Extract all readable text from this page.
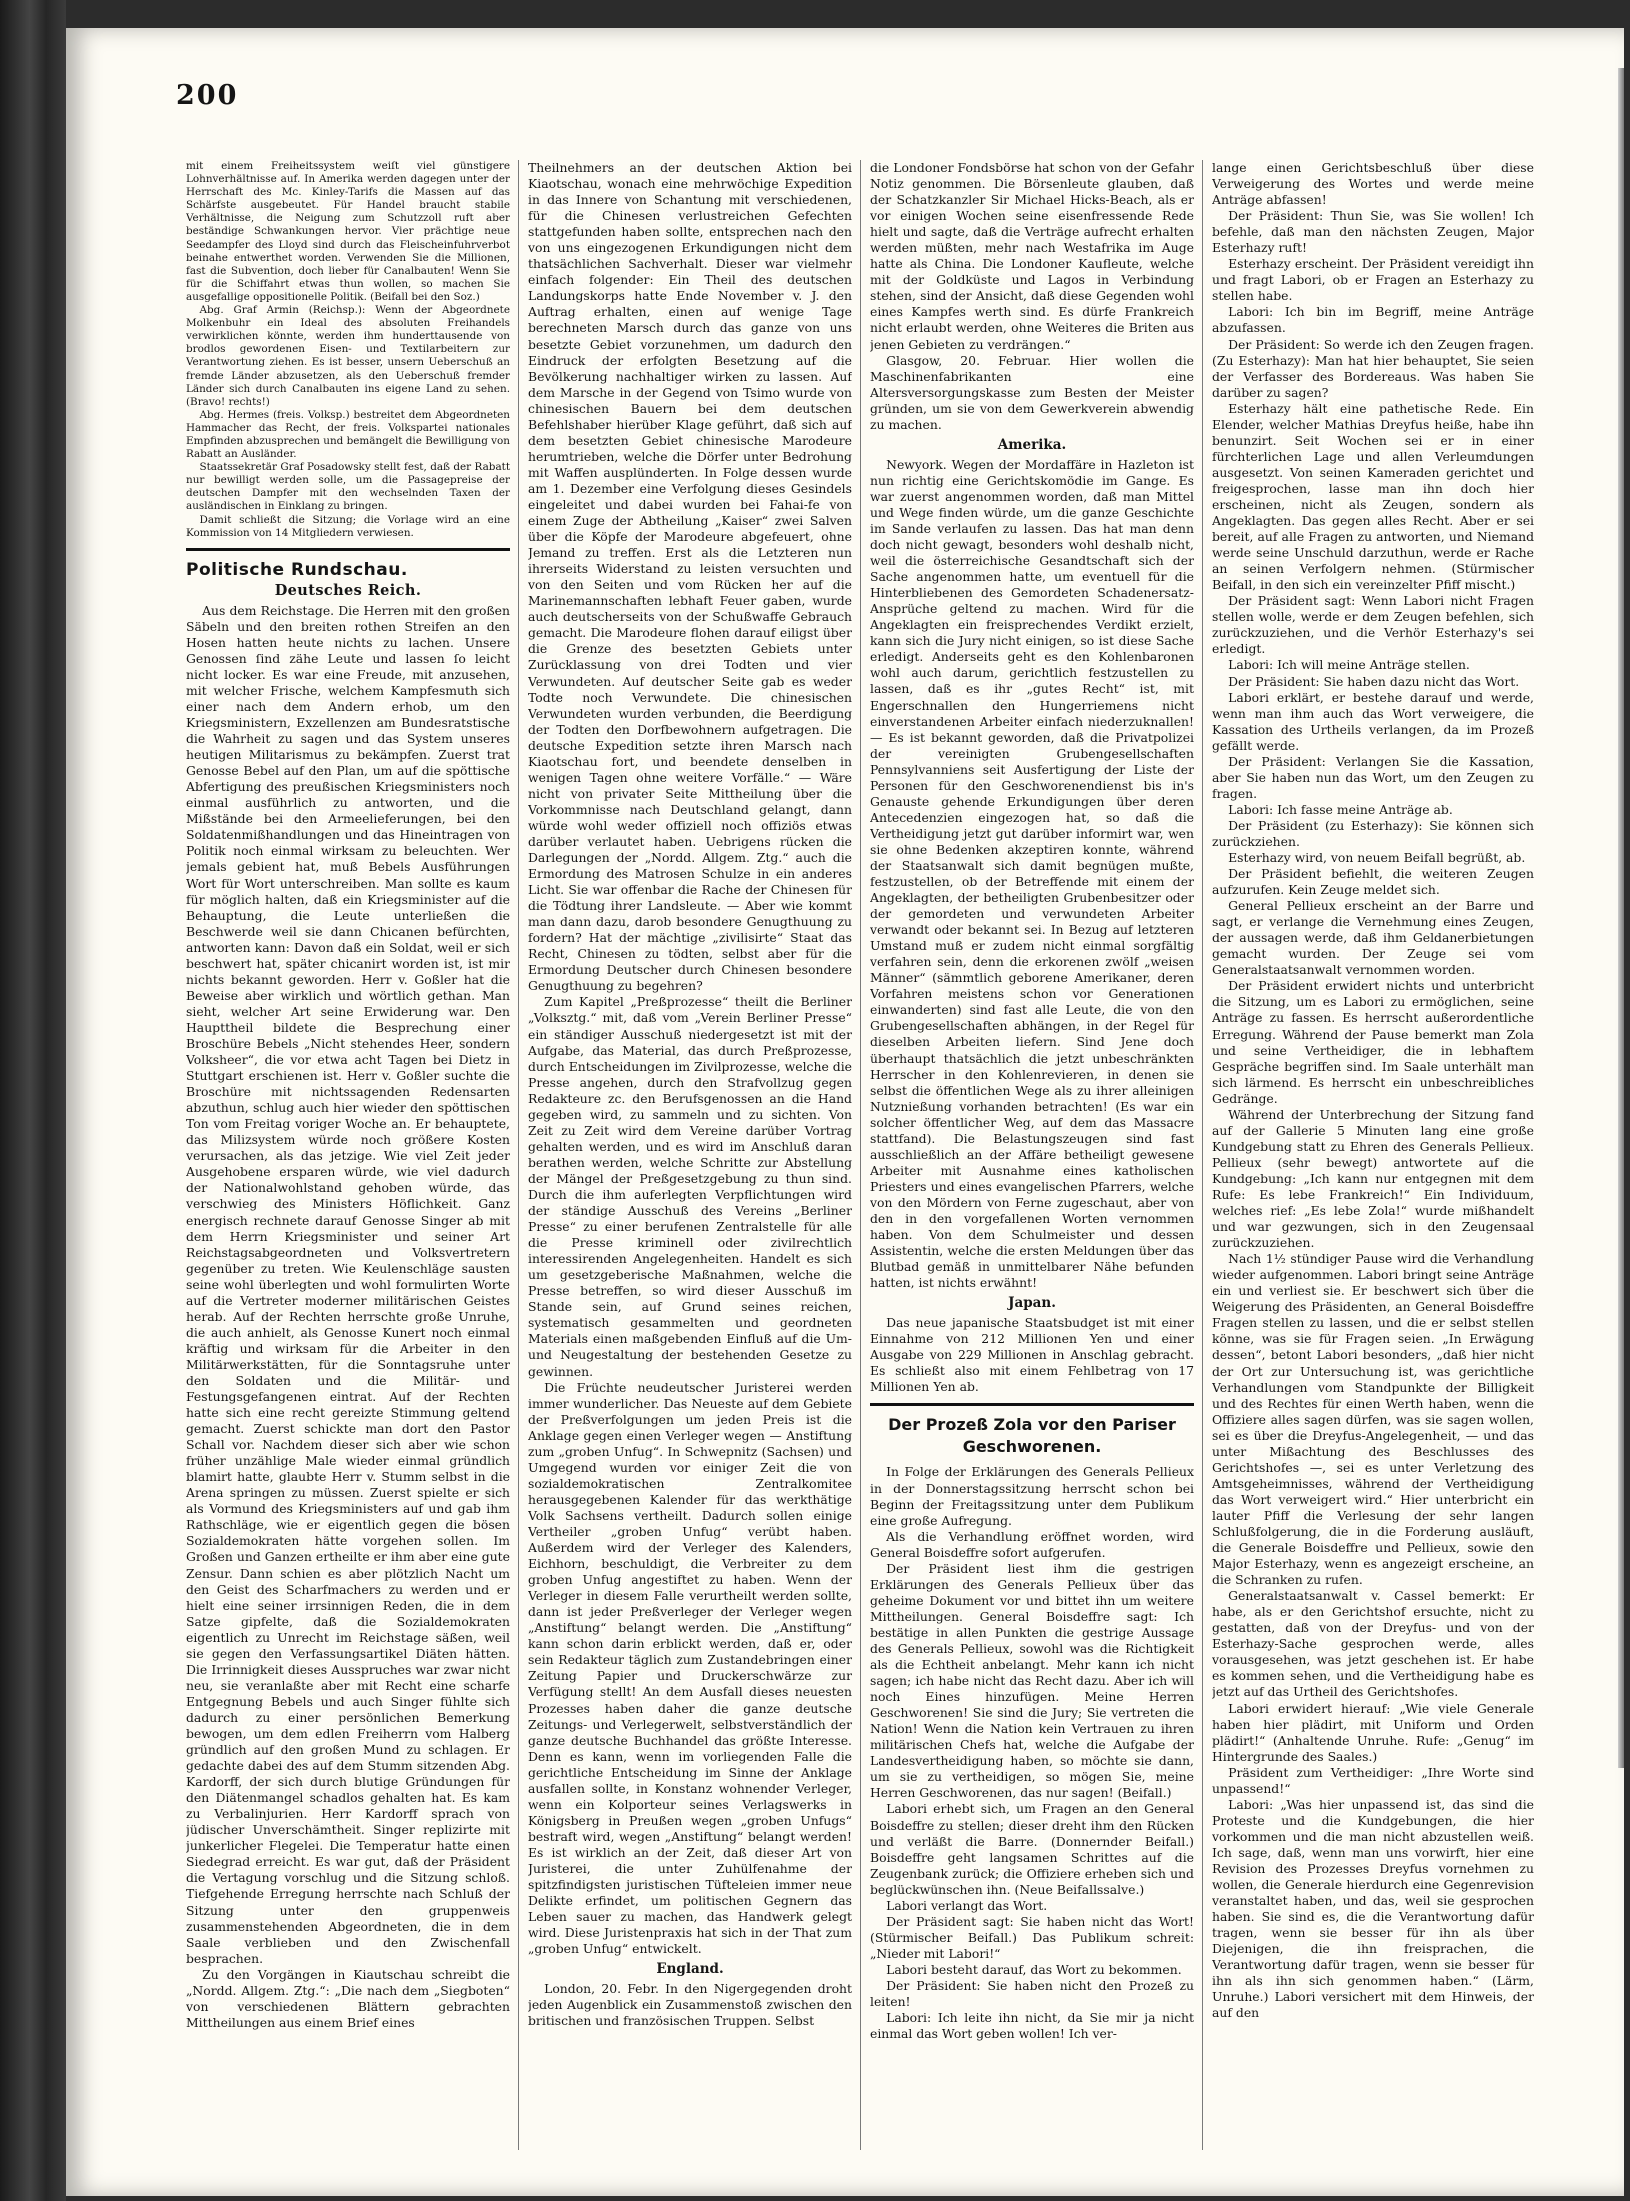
200

mit einem Freiheitssystem weiſt viel günstigere Lohnverhältnisse auf. In Amerika werden dagegen unter der Herrschaft des Mc. Kinley-Tarifs die Massen auf das Schärfste ausgebeutet. Für Handel braucht stabile Verhältnisse, die Neigung zum Schutzzoll ruft aber beständige Schwankungen hervor. Vier prächtige neue Seedampfer des Lloyd sind durch das Fleischeinfuhrverbot beinahe entwerthet worden. Verwenden Sie die Millionen, fast die Subvention, doch lieber für Canalbauten! Wenn Sie für die Schiffahrt etwas thun wollen, so machen Sie ausgefallige oppositionelle Politik. (Beifall bei den Soz.)

Abg. Graf Armin (Reichsp.): Wenn der Abgeordnete Molkenbuhr ein Ideal des absoluten Freihandels verwirklichen könnte, werden ihm hunderttausende von brodlos gewordenen Eisen- und Textilarbeitern zur Verantwortung ziehen. Es ist besser, unsern Ueberschuß an fremde Länder abzusetzen, als den Ueberschuß fremder Länder sich durch Canalbauten ins eigene Land zu sehen. (Bravo! rechts!)

Abg. Hermes (freis. Volksp.) bestreitet dem Abgeordneten Hammacher das Recht, der freis. Volkspartei nationales Empfinden abzusprechen und bemängelt die Bewilligung von Rabatt an Ausländer.

Staatssekretär Graf Posadowsky stellt fest, daß der Rabatt nur bewilligt werden solle, um die Passagepreise der deutschen Dampfer mit den wechselnden Taxen der ausländischen in Einklang zu bringen.

Damit schließt die Sitzung; die Vorlage wird an eine Kommission von 14 Mitgliedern verwiesen.

Politische Rundschau.
Deutsches Reich.

Aus dem Reichstage. Die Herren mit den großen Säbeln und den breiten rothen Streifen an den Hosen hatten heute nichts zu lachen. Unsere Genossen ſind zähe Leute und lassen ſo leicht nicht locker. Es war eine Freude, mit anzusehen, mit welcher Frische, welchem Kampfesmuth sich einer nach dem Andern erhob, um den Kriegsministern, Exzellenzen am Bundesratstische die Wahrheit zu sagen und das System unseres heutigen Militarismus zu bekämpfen. Zuerst trat Genosse Bebel auf den Plan, um auf die spöttische Abfertigung des preußischen Kriegsministers noch einmal ausführlich zu antworten, und die Mißstände bei den Armeelieferungen, bei den Soldatenmißhandlungen und das Hineintragen von Politik noch einmal wirksam zu beleuchten. Wer jemals gebient hat, muß Bebels Ausführungen Wort für Wort unterschreiben. Man sollte es kaum für möglich halten, daß ein Kriegsminister auf die Behauptung, die Leute unterließen die Beschwerde weil sie dann Chicanen befürchten, antworten kann: Davon daß ein Soldat, weil er sich beschwert hat, später chicanirt worden ist, ist mir nichts bekannt geworden. Herr v. Goßler hat die Beweise aber wirklich und wörtlich gethan. Man sieht, welcher Art seine Erwiderung war. Den Haupttheil bildete die Besprechung einer Broschüre Bebels „Nicht stehendes Heer, sondern Volksheer“, die vor etwa acht Tagen bei Dietz in Stuttgart erschienen ist. Herr v. Goßler suchte die Broschüre mit nichtssagenden Redensarten abzuthun, schlug auch hier wieder den spöttischen Ton vom Freitag voriger Woche an. Er behauptete, das Milizsystem würde noch größere Kosten verursachen, als das jetzige. Wie viel Zeit jeder Ausgehobene ersparen würde, wie viel dadurch der Nationalwohlstand gehoben würde, das verschwieg des Ministers Höflichkeit. Ganz energisch rechnete darauf Genosse Singer ab mit dem Herrn Kriegsminister und seiner Art Reichstagsabgeordneten und Volksvertretern gegenüber zu treten. Wie Keulenschläge sausten seine wohl überlegten und wohl formulirten Worte auf die Vertreter moderner militärischen Geistes herab. Auf der Rechten herrschte große Unruhe, die auch anhielt, als Genosse Kunert noch einmal kräftig und wirksam für die Arbeiter in den Militärwerkstätten, für die Sonntagsruhe unter den Soldaten und die Militär- und Festungsgefangenen eintrat. Auf der Rechten hatte sich eine recht gereizte Stimmung geltend gemacht. Zuerst schickte man dort den Pastor Schall vor. Nachdem dieser sich aber wie schon früher unzählige Male wieder einmal gründlich blamirt hatte, glaubte Herr v. Stumm selbst in die Arena springen zu müssen. Zuerst spielte er sich als Vormund des Kriegsministers auf und gab ihm Rathschläge, wie er eigentlich gegen die bösen Sozialdemokraten hätte vorgehen sollen. Im Großen und Ganzen ertheilte er ihm aber eine gute Zensur. Dann schien es aber plötzlich Nacht um den Geist des Scharfmachers zu werden und er hielt eine seiner irrsinnigen Reden, die in dem Satze gipfelte, daß die Sozialdemokraten eigentlich zu Unrecht im Reichstage säßen, weil sie gegen den Verfassungsartikel Diäten hätten. Die Irrinnigkeit dieses Ausspruches war zwar nicht neu, sie veranlaßte aber mit Recht eine scharfe Entgegnung Bebels und auch Singer fühlte sich dadurch zu einer persönlichen Bemerkung bewogen, um dem edlen Freiherrn vom Halberg gründlich auf den großen Mund zu schlagen. Er gedachte dabei des auf dem Stumm sitzenden Abg. Kardorff, der sich durch blutige Gründungen für den Diätenmangel schadlos gehalten hat. Es kam zu Verbalinjurien. Herr Kardorff sprach von jüdischer Unverschämtheit. Singer replizirte mit junkerlicher Flegelei. Die Temperatur hatte einen Siedegrad erreicht. Es war gut, daß der Präsident die Vertagung vorschlug und die Sitzung schloß. Tiefgehende Erregung herrschte nach Schluß der Sitzung unter den gruppenweis zusammenstehenden Abgeordneten, die in dem Saale verblieben und den Zwischenfall besprachen.

Zu den Vorgängen in Kiautschau schreibt die „Nordd. Allgem. Ztg.“: „Die nach dem „Siegboten“ von verschiedenen Blättern gebrachten Mittheilungen aus einem Brief eines

Theilnehmers an der deutschen Aktion bei Kiaotschau, wonach eine mehrwöchige Expedition in das Innere von Schantung mit verschiedenen, für die Chinesen verlustreichen Gefechten stattgefunden haben sollte, entsprechen nach den von uns eingezogenen Erkundigungen nicht dem thatsächlichen Sachverhalt. Dieser war vielmehr einfach folgender: Ein Theil des deutschen Landungskorps hatte Ende November v. J. den Auftrag erhalten, einen auf wenige Tage berechneten Marsch durch das ganze von uns besetzte Gebiet vorzunehmen, um dadurch den Eindruck der erfolgten Besetzung auf die Bevölkerung nachhaltiger wirken zu lassen. Auf dem Marsche in der Gegend von Tsimo wurde von chinesischen Bauern bei dem deutschen Befehlshaber hierüber Klage geführt, daß sich auf dem besetzten Gebiet chinesische Marodeure herumtrieben, welche die Dörfer unter Bedrohung mit Waffen ausplünderten. In Folge dessen wurde am 1. Dezember eine Verfolgung dieses Gesindels eingeleitet und dabei wurden bei Fahai-fe von einem Zuge der Abtheilung „Kaiser“ zwei Salven über die Köpfe der Marodeure abgefeuert, ohne Jemand zu treffen. Erst als die Letzteren nun ihrerseits Widerstand zu leisten versuchten und von den Seiten und vom Rücken her auf die Marinemannschaften lebhaft Feuer gaben, wurde auch deutscherseits von der Schußwaffe Gebrauch gemacht. Die Marodeure flohen darauf eiligst über die Grenze des besetzten Gebiets unter Zurücklassung von drei Todten und vier Verwundeten. Auf deutscher Seite gab es weder Todte noch Verwundete. Die chinesischen Verwundeten wurden verbunden, die Beerdigung der Todten den Dorfbewohnern aufgetragen. Die deutsche Expedition setzte ihren Marsch nach Kiaotschau fort, und beendete denselben in wenigen Tagen ohne weitere Vorfälle.“ — Wäre nicht von privater Seite Mittheilung über die Vorkommnisse nach Deutschland gelangt, dann würde wohl weder offiziell noch offiziös etwas darüber verlautet haben. Uebrigens rücken die Darlegungen der „Nordd. Allgem. Ztg.“ auch die Ermordung des Matrosen Schulze in ein anderes Licht. Sie war offenbar die Rache der Chinesen für die Tödtung ihrer Landsleute. — Aber wie kommt man dann dazu, darob besondere Genugthuung zu fordern? Hat der mächtige „zivilisirte“ Staat das Recht, Chinesen zu tödten, selbst aber für die Ermordung Deutscher durch Chinesen besondere Genugthuung zu begehren?

Zum Kapitel „Preßprozesse“ theilt die Berliner „Volksztg.“ mit, daß vom „Verein Berliner Presse“ ein ständiger Ausschuß niedergesetzt ist mit der Aufgabe, das Material, das durch Preßprozesse, durch Entscheidungen im Zivilprozesse, welche die Presse angehen, durch den Strafvollzug gegen Redakteure zc. den Berufsgenossen an die Hand gegeben wird, zu sammeln und zu sichten. Von Zeit zu Zeit wird dem Vereine darüber Vortrag gehalten werden, und es wird im Anschluß daran berathen werden, welche Schritte zur Abstellung der Mängel der Preßgesetzgebung zu thun sind. Durch die ihm auferlegten Verpflichtungen wird der ständige Ausschuß des Vereins „Berliner Presse“ zu einer berufenen Zentralstelle für alle die Presse kriminell oder zivilrechtlich interessirenden Angelegenheiten. Handelt es sich um gesetzgeberische Maßnahmen, welche die Presse betreffen, so wird dieser Ausschuß im Stande sein, auf Grund seines reichen, systematisch gesammelten und geordneten Materials einen maßgebenden Einfluß auf die Um- und Neugestaltung der bestehenden Gesetze zu gewinnen.

Die Früchte neudeutscher Juristerei werden immer wunderlicher. Das Neueste auf dem Gebiete der Preßverfolgungen um jeden Preis ist die Anklage gegen einen Verleger wegen — Anstiftung zum „groben Unfug“. In Schwepnitz (Sachsen) und Umgegend wurden vor einiger Zeit die von sozialdemokratischen Zentralkomitee herausgegebenen Kalender für das werkthätige Volk Sachsens vertheilt. Dadurch sollen einige Vertheiler „groben Unfug“ verübt haben. Außerdem wird der Verleger des Kalenders, Eichhorn, beschuldigt, die Verbreiter zu dem groben Unfug angestiftet zu haben. Wenn der Verleger in diesem Falle verurtheilt werden sollte, dann ist jeder Preßverleger der Verleger wegen „Anstiftung“ belangt werden. Die „Anstiftung“ kann schon darin erblickt werden, daß er, oder sein Redakteur täglich zum Zustandebringen einer Zeitung Papier und Druckerschwärze zur Verfügung stellt! An dem Ausfall dieses neuesten Prozesses haben daher die ganze deutsche Zeitungs- und Verlegerwelt, selbstverständlich der ganze deutsche Buchhandel das größte Interesse. Denn es kann, wenn im vorliegenden Falle die gerichtliche Entscheidung im Sinne der Anklage ausfallen sollte, in Konstanz wohnender Verleger, wenn ein Kolporteur seines Verlagswerks in Königsberg in Preußen wegen „groben Unfugs“ bestraft wird, wegen „Anstiftung“ belangt werden! Es ist wirklich an der Zeit, daß dieser Art von Juristerei, die unter Zuhülfenahme der spitzfindigsten juristischen Tüfteleien immer neue Delikte erfindet, um politischen Gegnern das Leben sauer zu machen, das Handwerk gelegt wird. Diese Juristenpraxis hat sich in der That zum „groben Unfug“ entwickelt.

England.

London, 20. Febr. In den Nigergegenden droht jeden Augenblick ein Zusammenstoß zwischen den britischen und französischen Truppen. Selbst

die Londoner Fondsbörse hat schon von der Gefahr Notiz genommen. Die Börsenleute glauben, daß der Schatzkanzler Sir Michael Hicks-Beach, als er vor einigen Wochen seine eisenfressende Rede hielt und sagte, daß die Verträge aufrecht erhalten werden müßten, mehr nach Westafrika im Auge hatte als China. Die Londoner Kaufleute, welche mit der Goldküste und Lagos in Verbindung stehen, sind der Ansicht, daß diese Gegenden wohl eines Kampfes werth sind. Es dürfe Frankreich nicht erlaubt werden, ohne Weiteres die Briten aus jenen Gebieten zu verdrängen.“

Glasgow, 20. Februar. Hier wollen die Maschinenfabrikanten eine Altersversorgungskasse zum Besten der Meister gründen, um sie von dem Gewerkverein abwendig zu machen.

Amerika.

Newyork. Wegen der Mordaffäre in Hazleton ist nun richtig eine Gerichtskomödie im Gange. Es war zuerst angenommen worden, daß man Mittel und Wege finden würde, um die ganze Geschichte im Sande verlaufen zu lassen. Das hat man denn doch nicht gewagt, besonders wohl deshalb nicht, weil die österreichische Gesandtschaft sich der Sache angenommen hatte, um eventuell für die Hinterbliebenen des Gemordeten Schadenersatz-Ansprüche geltend zu machen. Wird für die Angeklagten ein freisprechendes Verdikt erzielt, kann sich die Jury nicht einigen, so ist diese Sache erledigt. Anderseits geht es den Kohlenbaronen wohl auch darum, gerichtlich festzustellen zu lassen, daß es ihr „gutes Recht“ ist, mit Engerschnallen den Hungerriemens nicht einverstandenen Arbeiter einfach niederzuknallen! — Es ist bekannt geworden, daß die Privatpolizei der vereinigten Grubengesellschaften Pennsylvanniens seit Ausfertigung der Liste der Personen für den Geschworenendienst bis in's Genauste gehende Erkundigungen über deren Antecedenzien eingezogen hat, so daß die Vertheidigung jetzt gut darüber informirt war, wen sie ohne Bedenken akzeptiren konnte, während der Staatsanwalt sich damit begnügen mußte, festzustellen, ob der Betreffende mit einem der Angeklagten, der betheiligten Grubenbesitzer oder der gemordeten und verwundeten Arbeiter verwandt oder bekannt sei. In Bezug auf letzteren Umstand muß er zudem nicht einmal sorgfältig verfahren sein, denn die erkorenen zwölf „weisen Männer“ (sämmtlich geborene Amerikaner, deren Vorfahren meistens schon vor Generationen einwanderten) sind fast alle Leute, die von den Grubengesellschaften abhängen, in der Regel für dieselben Arbeiten liefern. Sind Jene doch überhaupt thatsächlich die jetzt unbeschränkten Herrscher in den Kohlenrevieren, in denen sie selbst die öffentlichen Wege als zu ihrer alleinigen Nutznießung vorhanden betrachten! (Es war ein solcher öffentlicher Weg, auf dem das Massacre stattfand). Die Belastungszeugen sind fast ausschließlich an der Affäre betheiligt gewesene Arbeiter mit Ausnahme eines katholischen Priesters und eines evangelischen Pfarrers, welche von den Mördern von Ferne zugeschaut, aber von den in den vorgefallenen Worten vernommen haben. Von dem Schulmeister und dessen Assistentin, welche die ersten Meldungen über das Blutbad gemäß in unmittelbarer Nähe befunden hatten, ist nichts erwähnt!

Japan.

Das neue japanische Staatsbudget ist mit einer Einnahme von 212 Millionen Yen und einer Ausgabe von 229 Millionen in Anschlag gebracht. Es schließt also mit einem Fehlbetrag von 17 Millionen Yen ab.

Der Prozeß Zola vor den Pariser Geschworenen.

In Folge der Erklärungen des Generals Pellieux in der Donnerstagssitzung herrscht schon bei Beginn der Freitagssitzung unter dem Publikum eine große Aufregung.

Als die Verhandlung eröffnet worden, wird General Boisdeffre sofort aufgerufen.

Der Präsident liest ihm die gestrigen Erklärungen des Generals Pellieux über das geheime Dokument vor und bittet ihn um weitere Mittheilungen. General Boisdeffre sagt: Ich bestätige in allen Punkten die gestrige Aussage des Generals Pellieux, sowohl was die Richtigkeit als die Echtheit anbelangt. Mehr kann ich nicht sagen; ich habe nicht das Recht dazu. Aber ich will noch Eines hinzufügen. Meine Herren Geschworenen! Sie sind die Jury; Sie vertreten die Nation! Wenn die Nation kein Vertrauen zu ihren militärischen Chefs hat, welche die Aufgabe der Landesvertheidigung haben, so möchte sie dann, um sie zu vertheidigen, so mögen Sie, meine Herren Geschworenen, das nur sagen! (Beifall.)

Labori erhebt sich, um Fragen an den General Boisdeffre zu stellen; dieser dreht ihm den Rücken und verläßt die Barre. (Donnernder Beifall.) Boisdeffre geht langsamen Schrittes auf die Zeugenbank zurück; die Offiziere erheben sich und beglückwünschen ihn. (Neue Beifallssalve.)

Labori verlangt das Wort.

Der Präsident sagt: Sie haben nicht das Wort! (Stürmischer Beifall.) Das Publikum schreit: „Nieder mit Labori!“

Labori besteht darauf, das Wort zu bekommen.

Der Präsident: Sie haben nicht den Prozeß zu leiten!

Labori: Ich leite ihn nicht, da Sie mir ja nicht einmal das Wort geben wollen! Ich ver-

lange einen Gerichtsbeschluß über diese Verweigerung des Wortes und werde meine Anträge abfassen!

Der Präsident: Thun Sie, was Sie wollen! Ich befehle, daß man den nächsten Zeugen, Major Esterhazy ruft!

Esterhazy erscheint. Der Präsident vereidigt ihn und fragt Labori, ob er Fragen an Esterhazy zu stellen habe.

Labori: Ich bin im Begriff, meine Anträge abzufassen.

Der Präsident: So werde ich den Zeugen fragen. (Zu Esterhazy): Man hat hier behauptet, Sie seien der Verfasser des Bordereaus. Was haben Sie darüber zu sagen?

Esterhazy hält eine pathetische Rede. Ein Elender, welcher Mathias Dreyfus heiße, habe ihn benunzirt. Seit Wochen sei er in einer fürchterlichen Lage und allen Verleumdungen ausgesetzt. Von seinen Kameraden gerichtet und freigesprochen, lasse man ihn doch hier erscheinen, nicht als Zeugen, sondern als Angeklagten. Das gegen alles Recht. Aber er sei bereit, auf alle Fragen zu antworten, und Niemand werde seine Unschuld darzuthun, werde er Rache an seinen Verfolgern nehmen. (Stürmischer Beifall, in den sich ein vereinzelter Pfiff mischt.)

Der Präsident sagt: Wenn Labori nicht Fragen stellen wolle, werde er dem Zeugen befehlen, sich zurückzuziehen, und die Verhör Esterhazy's sei erledigt.

Labori: Ich will meine Anträge stellen.

Der Präsident: Sie haben dazu nicht das Wort.

Labori erklärt, er bestehe darauf und werde, wenn man ihm auch das Wort verweigere, die Kassation des Urtheils verlangen, da im Prozeß gefällt werde.

Der Präsident: Verlangen Sie die Kassation, aber Sie haben nun das Wort, um den Zeugen zu fragen.

Labori: Ich fasse meine Anträge ab.

Der Präsident (zu Esterhazy): Sie können sich zurückziehen.

Esterhazy wird, von neuem Beifall begrüßt, ab.

Der Präsident befiehlt, die weiteren Zeugen aufzurufen. Kein Zeuge meldet sich.

General Pellieux erscheint an der Barre und sagt, er verlange die Vernehmung eines Zeugen, der aussagen werde, daß ihm Geldanerbietungen gemacht wurden. Der Zeuge sei vom Generalstaatsanwalt vernommen worden.

Der Präsident erwidert nichts und unterbricht die Sitzung, um es Labori zu ermöglichen, seine Anträge zu fassen. Es herrscht außerordentliche Erregung. Während der Pause bemerkt man Zola und seine Vertheidiger, die in lebhaftem Gespräche begriffen sind. Im Saale unterhält man sich lärmend. Es herrscht ein unbeschreibliches Gedränge.

Während der Unterbrechung der Sitzung fand auf der Gallerie 5 Minuten lang eine große Kundgebung statt zu Ehren des Generals Pellieux. Pellieux (sehr bewegt) antwortete auf die Kundgebung: „Ich kann nur entgegnen mit dem Rufe: Es lebe Frankreich!“ Ein Individuum, welches rief: „Es lebe Zola!“ wurde mißhandelt und war gezwungen, sich in den Zeugensaal zurückzuziehen.

Nach 1½ stündiger Pause wird die Verhandlung wieder aufgenommen. Labori bringt seine Anträge ein und verliest sie. Er beschwert sich über die Weigerung des Präsidenten, an General Boisdeffre Fragen stellen zu lassen, und die er selbst stellen könne, was sie für Fragen seien. „In Erwägung dessen“, betont Labori besonders, „daß hier nicht der Ort zur Untersuchung ist, was gerichtliche Verhandlungen vom Standpunkte der Billigkeit und des Rechtes für einen Werth haben, wenn die Offiziere alles sagen dürfen, was sie sagen wollen, sei es über die Dreyfus-Angelegenheit, — und das unter Mißachtung des Beschlusses des Gerichtshofes —, sei es unter Verletzung des Amtsgeheimnisses, während der Vertheidigung das Wort verweigert wird.“ Hier unterbricht ein lauter Pfiff die Verlesung der sehr langen Schlußfolgerung, die in die Forderung ausläuft, die Generale Boisdeffre und Pellieux, sowie den Major Esterhazy, wenn es angezeigt erscheine, an die Schranken zu rufen.

Generalstaatsanwalt v. Cassel bemerkt: Er habe, als er den Gerichtshof ersuchte, nicht zu gestatten, daß von der Dreyfus- und von der Esterhazy-Sache gesprochen werde, alles vorausgesehen, was jetzt geschehen ist. Er habe es kommen sehen, und die Vertheidigung habe es jetzt auf das Urtheil des Gerichtshofes.

Labori erwidert hierauf: „Wie viele Generale haben hier plädirt, mit Uniform und Orden plädirt!“ (Anhaltende Unruhe. Rufe: „Genug“ im Hintergrunde des Saales.)

Präsident zum Vertheidiger: „Ihre Worte sind unpassend!“

Labori: „Was hier unpassend ist, das sind die Proteste und die Kundgebungen, die hier vorkommen und die man nicht abzustellen weiß. Ich sage, daß, wenn man uns vorwirft, hier eine Revision des Prozesses Dreyfus vornehmen zu wollen, die Generale hierdurch eine Gegenrevision veranstaltet haben, und das, weil sie gesprochen haben. Sie sind es, die die Verantwortung dafür tragen, wenn sie besser für ihn als über Diejenigen, die ihn freisprachen, die Verantwortung dafür tragen, wenn sie besser für ihn als ihn sich genommen haben.“ (Lärm, Unruhe.) Labori versichert mit dem Hinweis, der auf den
